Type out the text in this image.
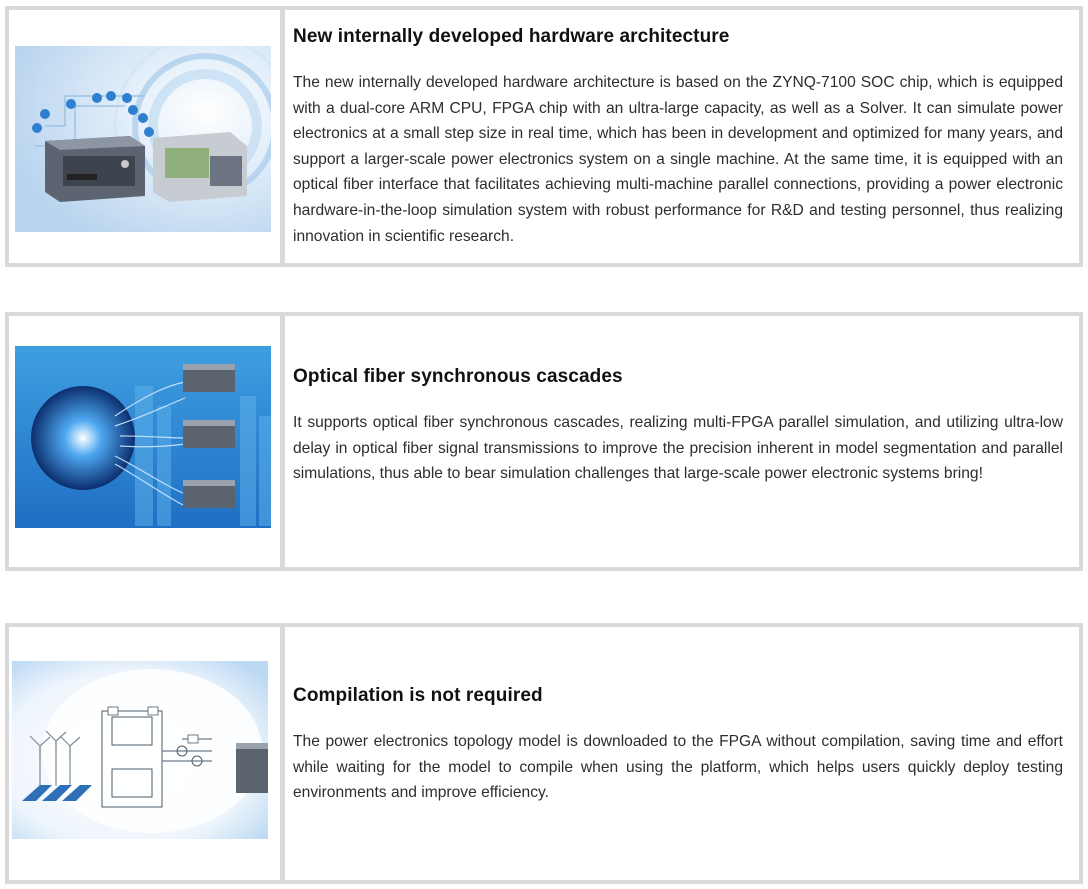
New internally developed hardware architecture

The new internally developed hardware architecture is based on the ZYNQ-7100 SOC chip, which is equipped with a dual-core ARM CPU, FPGA chip with an ultra-large capacity, as well as a Solver. It can simulate power electronics at a small step size in real time, which has been in development and optimized for many years, and support a larger-scale power electronics system on a single machine. At the same time, it is equipped with an optical fiber interface that facilitates achieving multi-machine parallel connections, providing a power electronic hardware-in-the-loop simulation system with robust performance for R&D and testing personnel, thus realizing innovation in scientific research.

Optical fiber synchronous cascades

It supports optical fiber synchronous cascades, realizing multi-FPGA parallel simulation, and utilizing ultra-low delay in optical fiber signal transmissions to improve the precision inherent in model segmentation and parallel simulations, thus able to bear simulation challenges that large-scale power electronic systems bring!

Compilation is not required

The power electronics topology model is downloaded to the FPGA without compilation, saving time and effort while waiting for the model to compile when using the platform, which helps users quickly deploy testing environments and improve efficiency.
